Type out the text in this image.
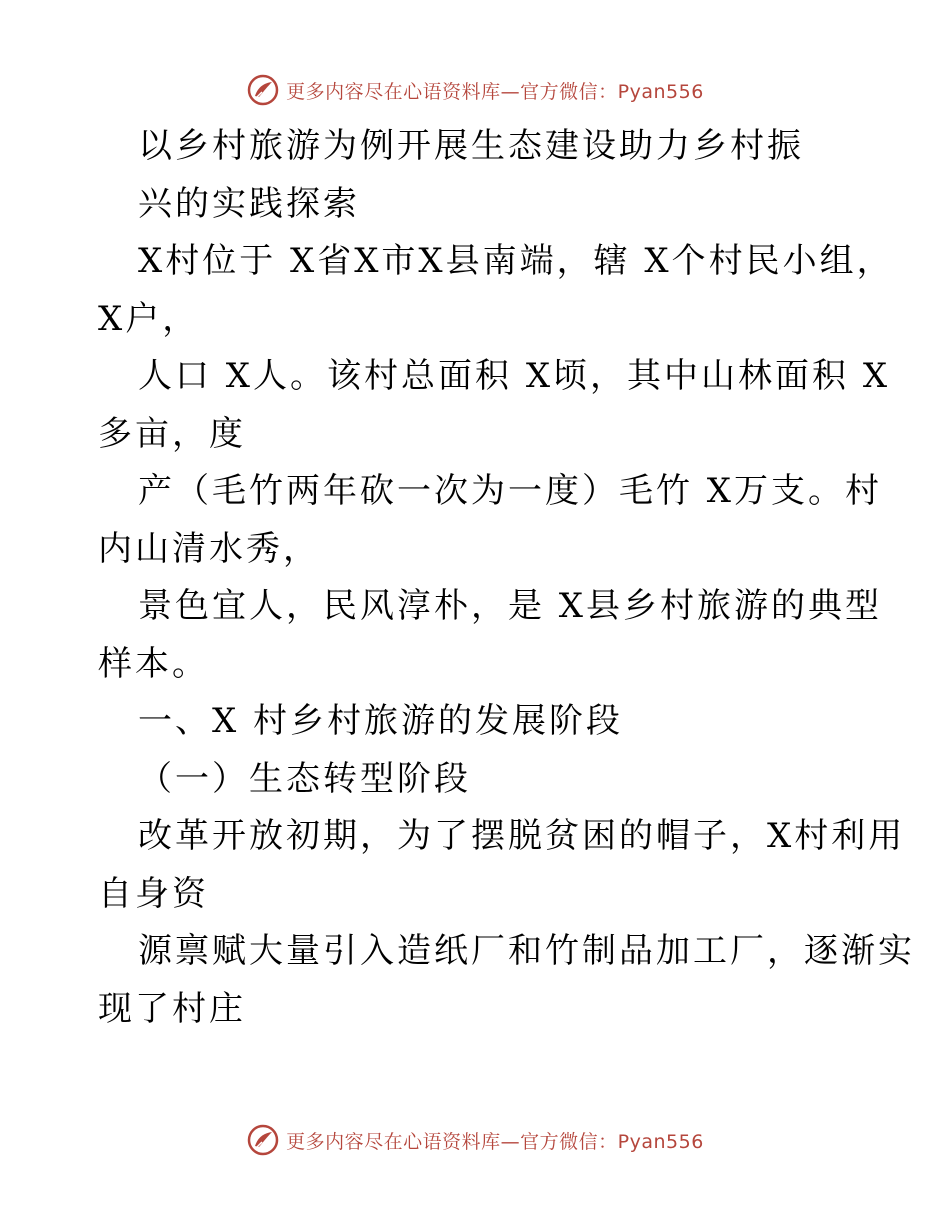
更多内容尽在心语资料库—官方微信：Pyan556
以乡村旅游为例开展生态建设助力乡村振
兴的实践探索
X村位于 X省X市X县南端，辖 X个村民小组，
X户，
人口 X人。该村总面积 X顷，其中山林面积 X
多亩，度
产（毛竹两年砍一次为一度）毛竹 X万支。村
内山清水秀，
景色宜人，民风淳朴，是 X县乡村旅游的典型
样本。
一、X 村乡村旅游的发展阶段
（一）生态转型阶段
改革开放初期，为了摆脱贫困的帽子，X村利用
自身资
源禀赋大量引入造纸厂和竹制品加工厂，逐渐实
现了村庄
更多内容尽在心语资料库—官方微信：Pyan556
